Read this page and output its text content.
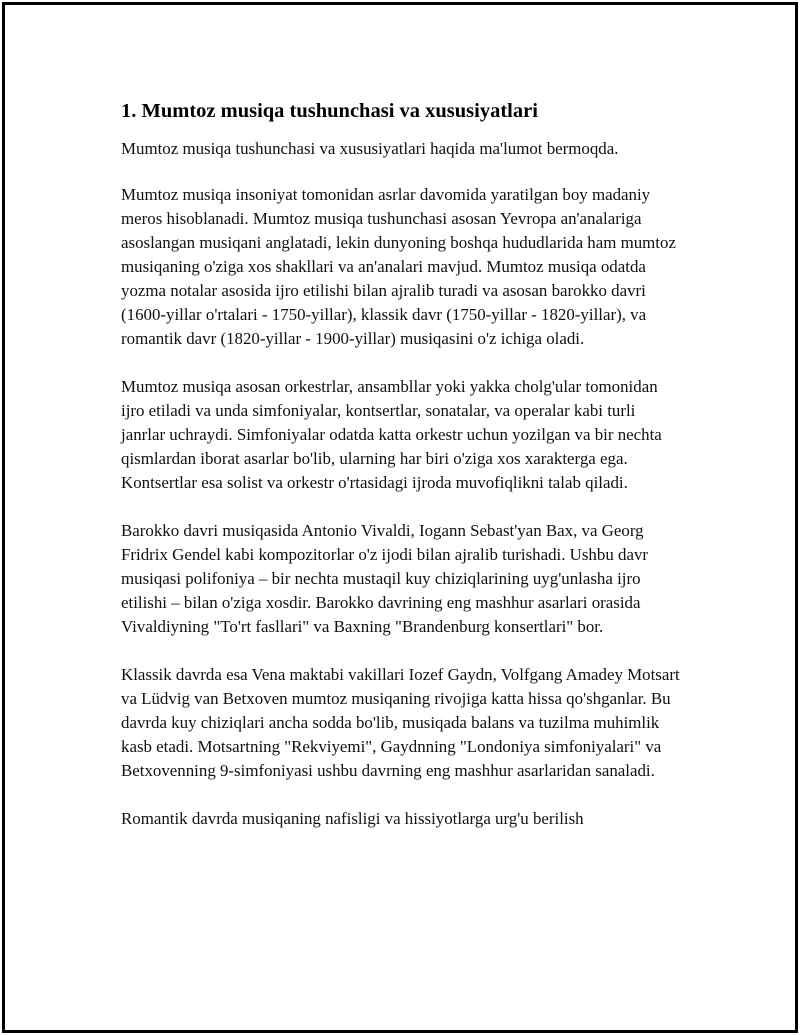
1. Mumtoz musiqa tushunchasi va xususiyatlari

Mumtoz musiqa tushunchasi va xususiyatlari haqida ma'lumot bermoqda.

Mumtoz musiqa insoniyat tomonidan asrlar davomida yaratilgan boy madaniy meros hisoblanadi. Mumtoz musiqa tushunchasi asosan Yevropa an'analariga asoslangan musiqani anglatadi, lekin dunyoning boshqa hududlarida ham mumtoz musiqaning o'ziga xos shakllari va an'analari mavjud. Mumtoz musiqa odatda yozma notalar asosida ijro etilishi bilan ajralib turadi va asosan barokko davri (1600-yillar o'rtalari - 1750-yillar), klassik davr (1750-yillar - 1820-yillar), va romantik davr (1820-yillar - 1900-yillar) musiqasini o'z ichiga oladi.

Mumtoz musiqa asosan orkestrlar, ansambllar yoki yakka cholg'ular tomonidan ijro etiladi va unda simfoniyalar, kontsertlar, sonatalar, va operalar kabi turli janrlar uchraydi. Simfoniyalar odatda katta orkestr uchun yozilgan va bir nechta qismlardan iborat asarlar bo'lib, ularning har biri o'ziga xos xarakterga ega. Kontsertlar esa solist va orkestr o'rtasidagi ijroda muvofiqlikni talab qiladi.

Barokko davri musiqasida Antonio Vivaldi, Iogann Sebast'yan Bax, va Georg Fridrix Gendel kabi kompozitorlar o'z ijodi bilan ajralib turishadi. Ushbu davr musiqasi polifoniya – bir nechta mustaqil kuy chiziqlarining uyg'unlasha ijro etilishi – bilan o'ziga xosdir. Barokko davrining eng mashhur asarlari orasida Vivaldiyning "To'rt fasllari" va Baxning "Brandenburg konsertlari" bor.

Klassik davrda esa Vena maktabi vakillari Iozef Gaydn, Volfgang Amadey Motsart va Lüdvig van Betxoven mumtoz musiqaning rivojiga katta hissa qo'shganlar. Bu davrda kuy chiziqlari ancha sodda bo'lib, musiqada balans va tuzilma muhimlik kasb etadi. Motsartning "Rekviyemi", Gaydnning "Londoniya simfoniyalari" va Betxovenning 9-simfoniyasi ushbu davrning eng mashhur asarlaridan sanaladi.

Romantik davrda musiqaning nafisligi va hissiyotlarga urg'u berilish
